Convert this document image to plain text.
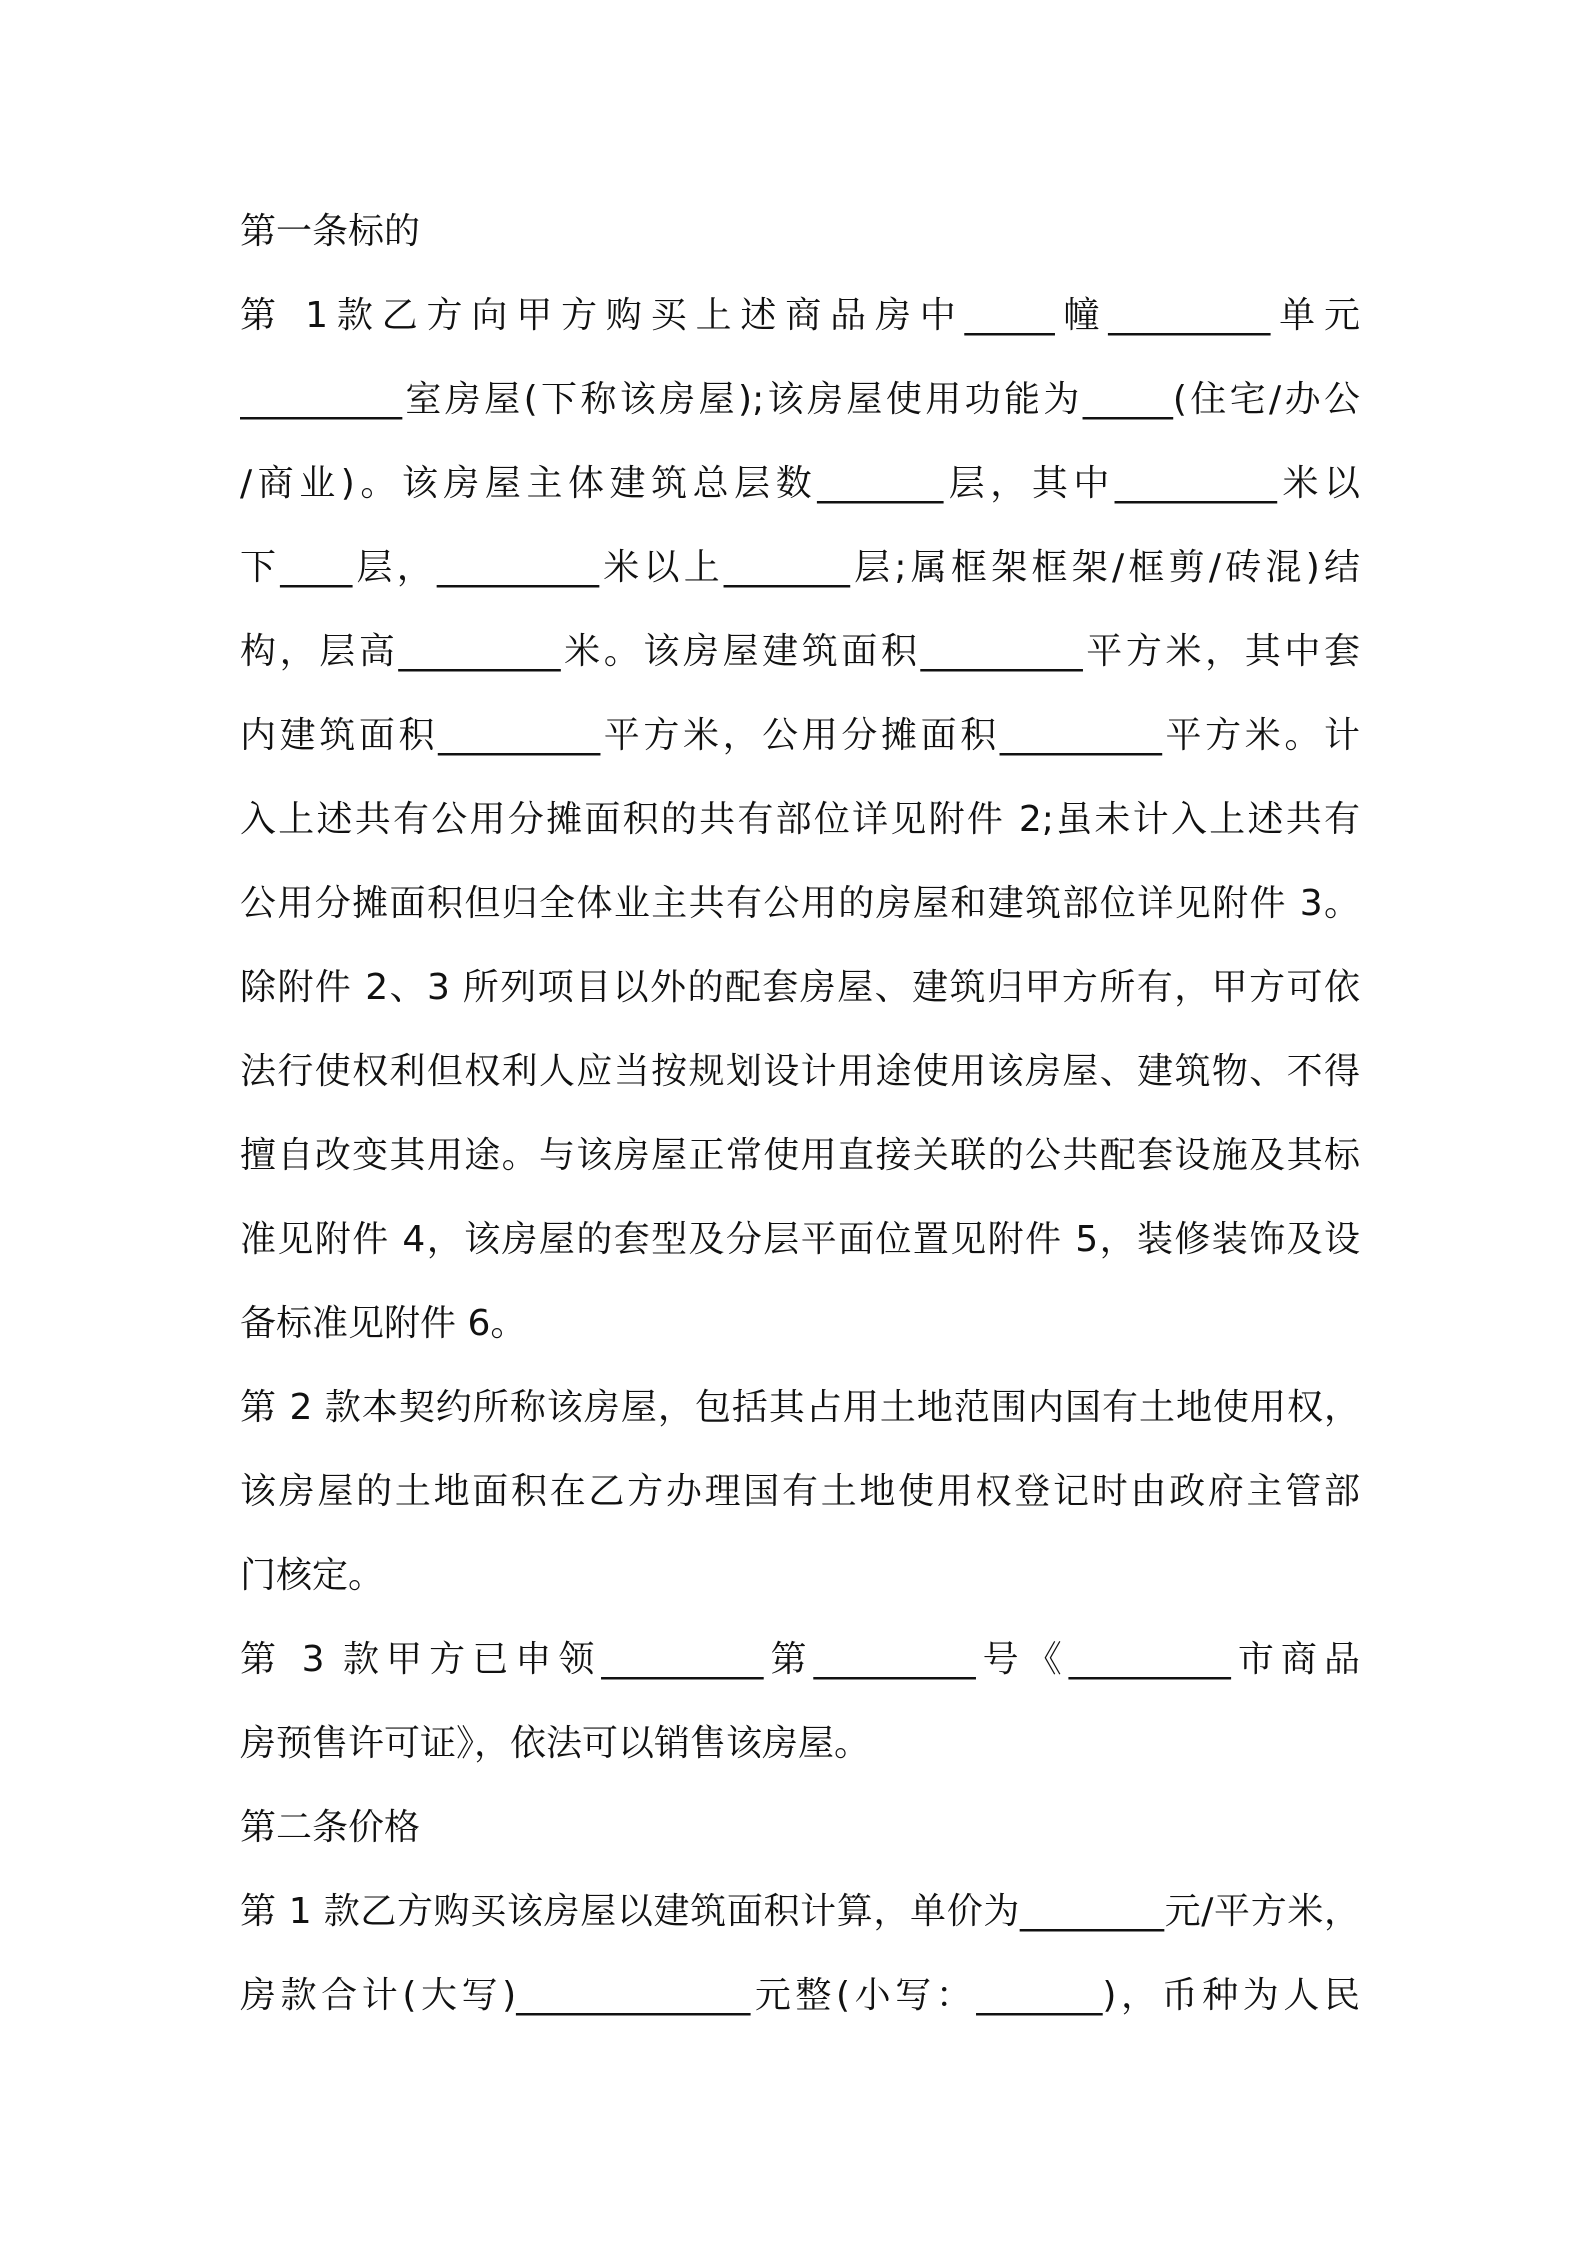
第一条标的
第 1款乙方向甲方购买上述商品房中_____幢_________单元
_________室房屋(下称该房屋);该房屋使用功能为_____(住宅/办公
/商业)。该房屋主体建筑总层数_______层，其中_________米以
下____层，_________米以上_______层;属框架框架/框剪/砖混)结
构，层高_________米。该房屋建筑面积_________平方米，其中套
内建筑面积_________平方米，公用分摊面积_________平方米。计
入上述共有公用分摊面积的共有部位详见附件 2;虽未计入上述共有
公用分摊面积但归全体业主共有公用的房屋和建筑部位详见附件 3。
除附件 2、3 所列项目以外的配套房屋、建筑归甲方所有，甲方可依
法行使权利但权利人应当按规划设计用途使用该房屋、建筑物、不得
擅自改变其用途。与该房屋正常使用直接关联的公共配套设施及其标
准见附件 4，该房屋的套型及分层平面位置见附件 5，装修装饰及设
备标准见附件 6。
第 2 款本契约所称该房屋，包括其占用土地范围内国有土地使用权，
该房屋的土地面积在乙方办理国有土地使用权登记时由政府主管部
门核定。
第 3 款甲方已申领_________第_________号《_________市商品
房预售许可证》，依法可以销售该房屋。
第二条价格
第 1 款乙方购买该房屋以建筑面积计算，单价为________元/平方米，
房款合计(大写)_____________元整(小写：_______)，币种为人民
